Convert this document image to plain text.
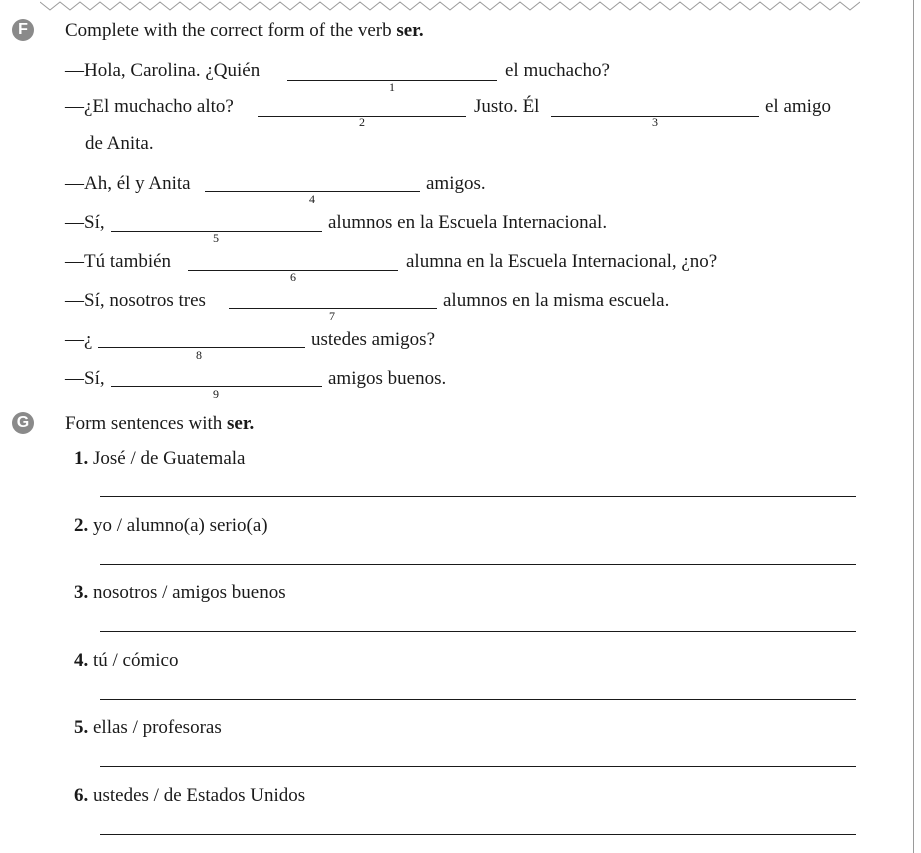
F	Complete with the correct form of the verb ser.
—Hola, Carolina. ¿Quién
1
el muchacho?
—¿El muchacho alto?
2
Justo. Él
3
el amigo
de Anita.
—Ah, él y Anita
4
amigos.
—Sí,
5
alumnos en la Escuela Internacional.
—Tú también
6
alumna en la Escuela Internacional, ¿no?
—Sí, nosotros tres
7
alumnos en la misma escuela.
—¿
8
ustedes amigos?
—Sí,
9
amigos buenos.
G Form sentences with ser.
1. José / de Guatemala
2. yo / alumno(a) serio(a)
3. nosotros / amigos buenos
4. tú / cómico
5. ellas / profesoras
6. ustedes / de Estados Unidos
